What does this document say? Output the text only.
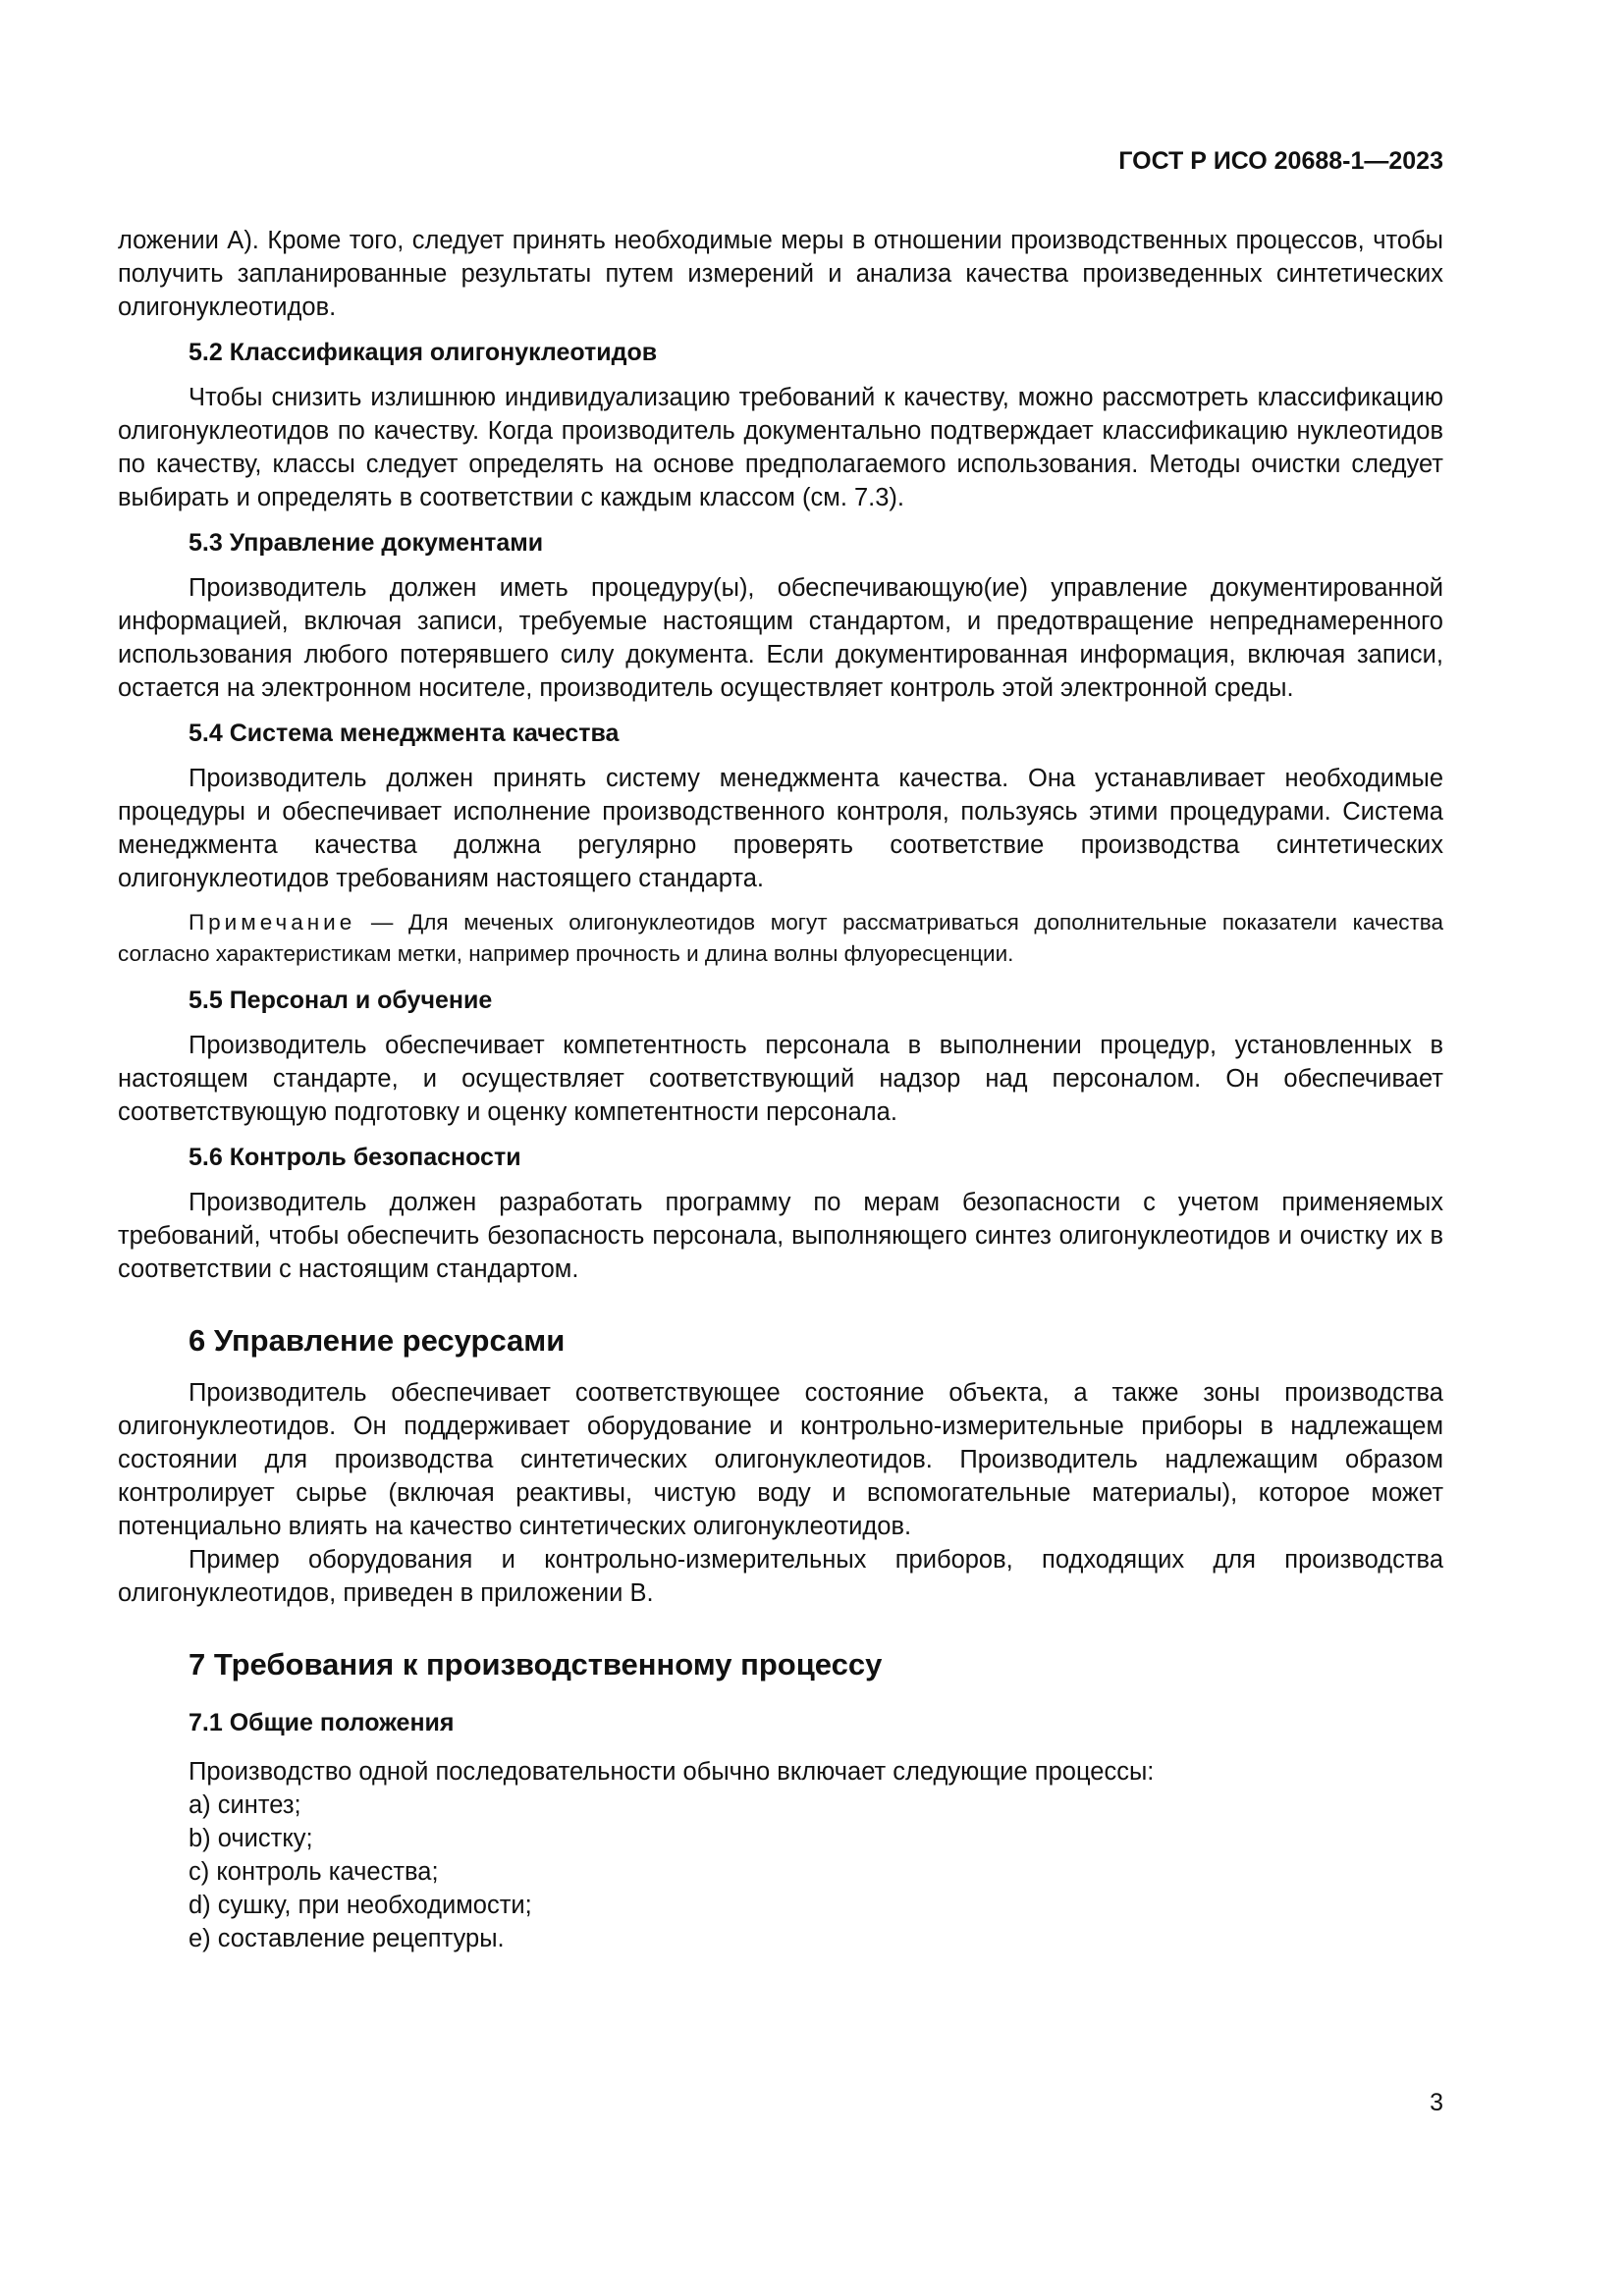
ГОСТ Р ИСО 20688-1—2023

ложении А). Кроме того, следует принять необходимые меры в отношении производственных процессов, чтобы получить запланированные результаты путем измерений и анализа качества произведенных синтетических олигонуклеотидов.

5.2 Классификация олигонуклеотидов

Чтобы снизить излишнюю индивидуализацию требований к качеству, можно рассмотреть классификацию олигонуклеотидов по качеству. Когда производитель документально подтверждает классификацию нуклеотидов по качеству, классы следует определять на основе предполагаемого использования. Методы очистки следует выбирать и определять в соответствии с каждым классом (см. 7.3).

5.3 Управление документами

Производитель должен иметь процедуру(ы), обеспечивающую(ие) управление документированной информацией, включая записи, требуемые настоящим стандартом, и предотвращение непреднамеренного использования любого потерявшего силу документа. Если документированная информация, включая записи, остается на электронном носителе, производитель осуществляет контроль этой электронной среды.

5.4 Система менеджмента качества

Производитель должен принять систему менеджмента качества. Она устанавливает необходимые процедуры и обеспечивает исполнение производственного контроля, пользуясь этими процедурами. Система менеджмента качества должна регулярно проверять соответствие производства синтетических олигонуклеотидов требованиям настоящего стандарта.

Примечание — Для меченых олигонуклеотидов могут рассматриваться дополнительные показатели качества согласно характеристикам метки, например прочность и длина волны флуоресценции.
5.5 Персонал и обучение

Производитель обеспечивает компетентность персонала в выполнении процедур, установленных в настоящем стандарте, и осуществляет соответствующий надзор над персоналом. Он обеспечивает соответствующую подготовку и оценку компетентности персонала.

5.6 Контроль безопасности

Производитель должен разработать программу по мерам безопасности с учетом применяемых требований, чтобы обеспечить безопасность персонала, выполняющего синтез олигонуклеотидов и очистку их в соответствии с настоящим стандартом.

6 Управление ресурсами

Производитель обеспечивает соответствующее состояние объекта, а также зоны производства олигонуклеотидов. Он поддерживает оборудование и контрольно-измерительные приборы в надлежащем состоянии для производства синтетических олигонуклеотидов. Производитель надлежащим образом контролирует сырье (включая реактивы, чистую воду и вспомогательные материалы), которое может потенциально влиять на качество синтетических олигонуклеотидов.

Пример оборудования и контрольно-измерительных приборов, подходящих для производства олигонуклеотидов, приведен в приложении В.

7 Требования к производственному процессу
7.1 Общие положения

Производство одной последовательности обычно включает следующие процессы:

a) синтез;
b) очистку;
c) контроль качества;
d) сушку, при необходимости;
e) составление рецептуры.
3
